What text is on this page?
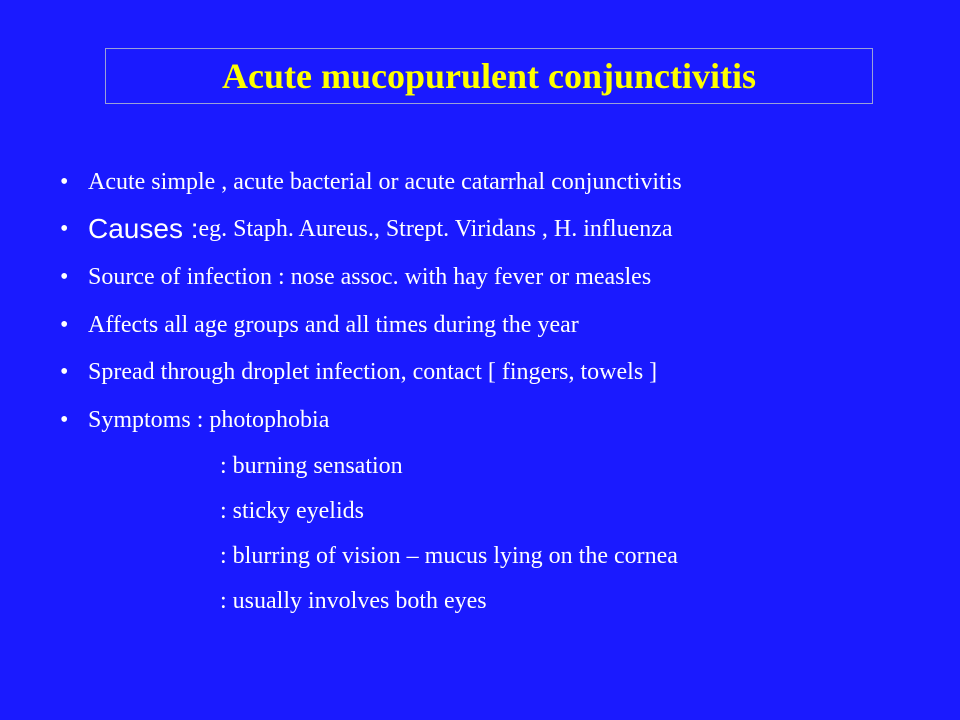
Acute mucopurulent conjunctivitis
• Acute simple , acute bacterial or acute catarrhal conjunctivitis
• Causes : eg. Staph. Aureus., Strept. Viridans , H. influenza
• Source of infection : nose assoc. with hay fever or measles
• Affects all age groups and all times during the year
• Spread through droplet infection, contact [ fingers, towels ]
• Symptoms : photophobia
: burning sensation
: sticky eyelids
: blurring of vision – mucus lying on the cornea
: usually involves both eyes
